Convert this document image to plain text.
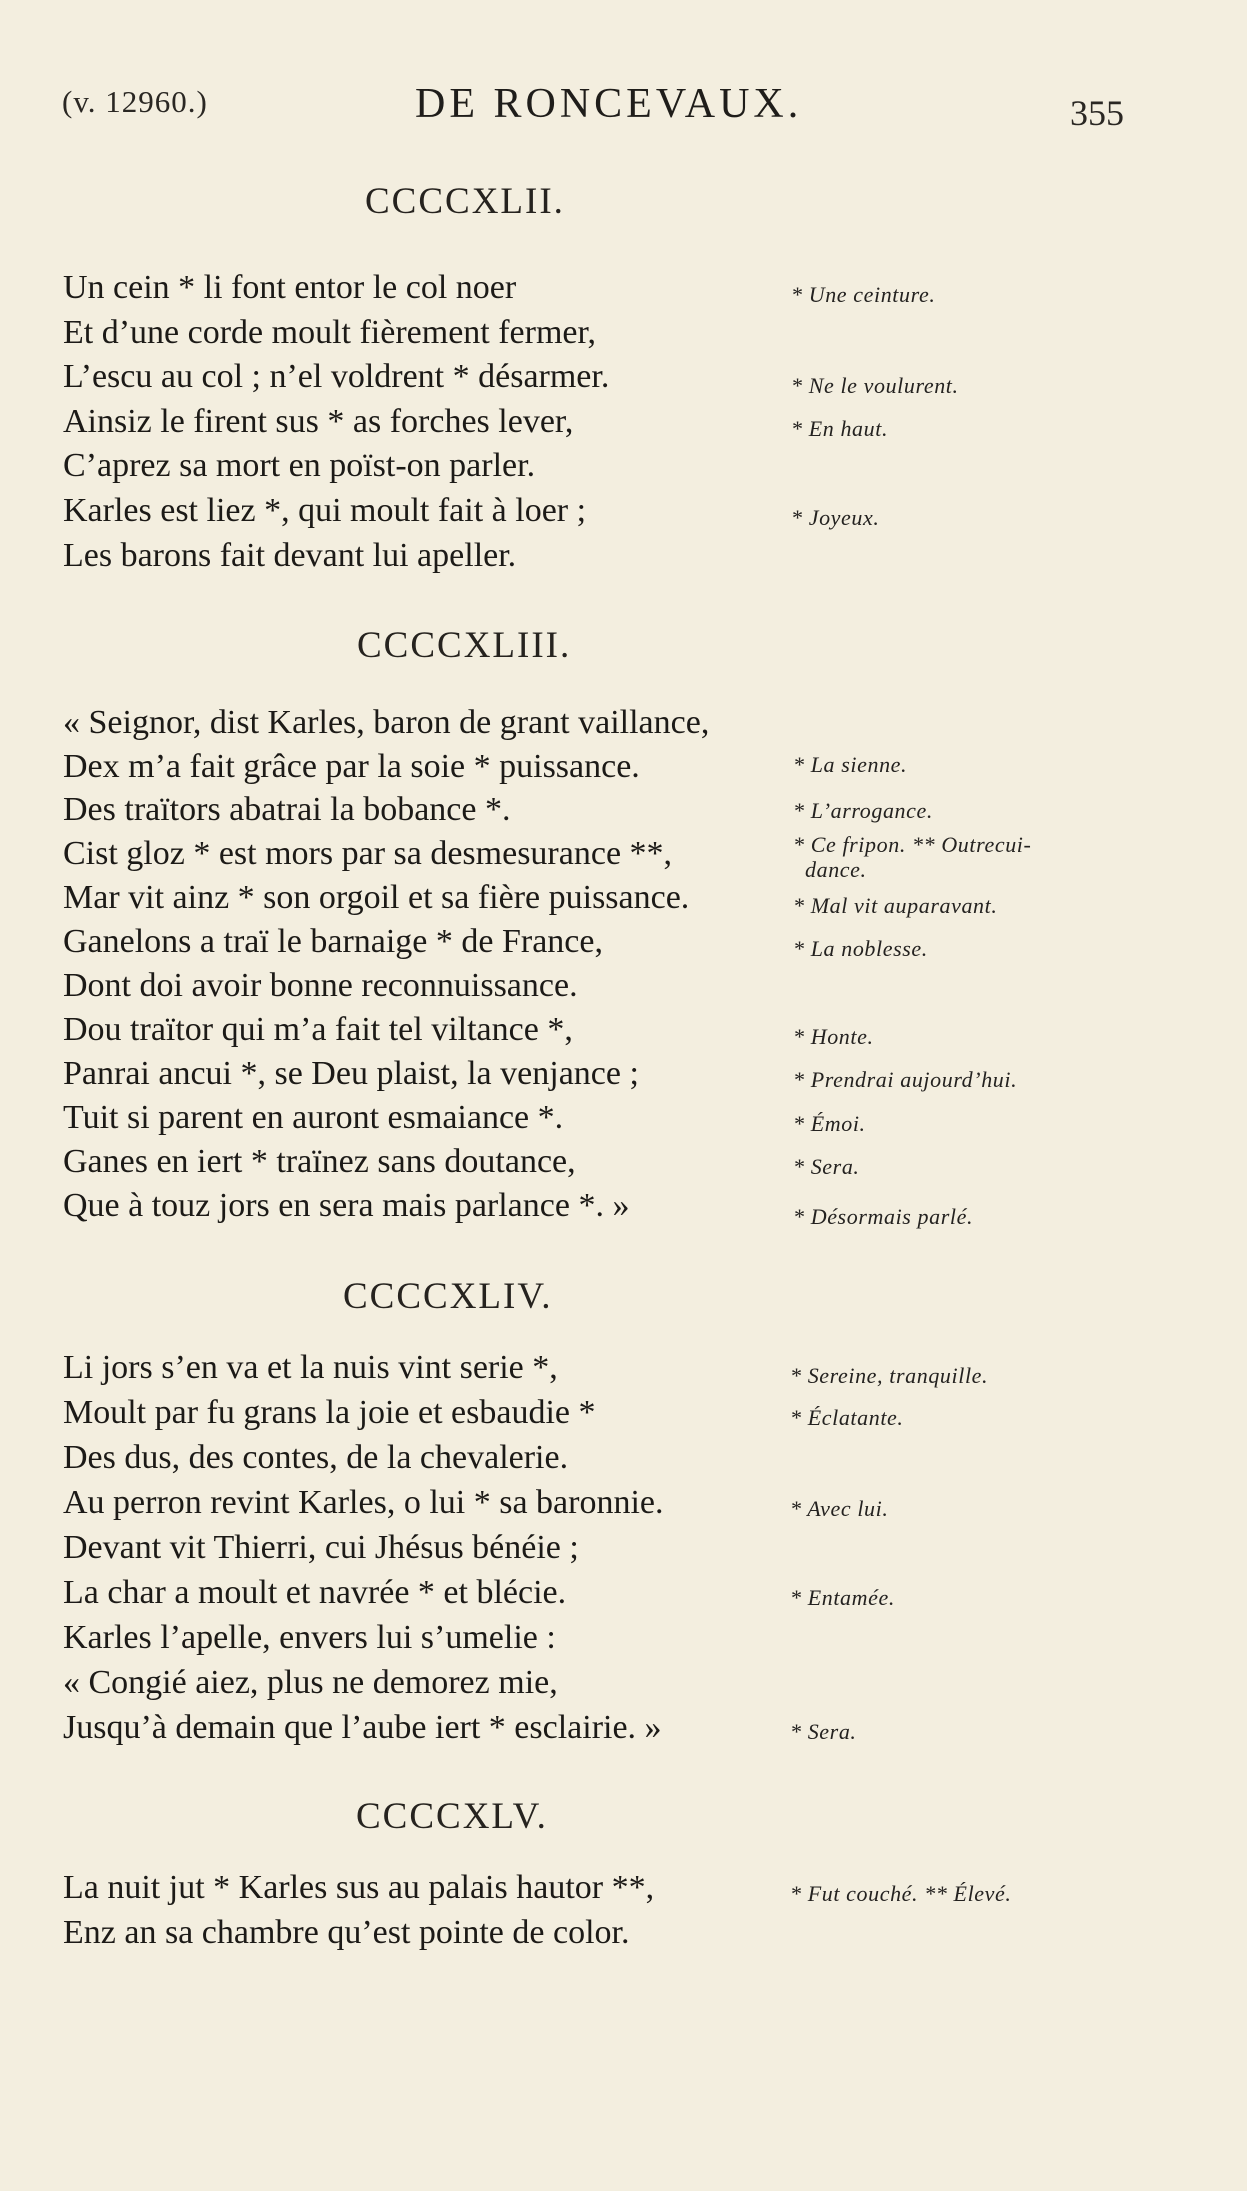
(v. 12960.)	DE RONCEVAUX.	355
CCCCXLII.
Un cein * li font entor le col noer
Et d’une corde moult fièrement fermer,
L’escu au col ; n’el voldrent * désarmer.
Ainsiz le firent sus * as forches lever,
C’aprez sa mort en poïst-on parler.
Karles est liez *, qui moult fait à loer ;
Les barons fait devant lui apeller.
* Une ceinture.
* Ne le voulurent.
* En haut.
* Joyeux.
CCCCXLIII.
« Seignor, dist Karles, baron de grant vaillance,
Dex m’a fait grâce par la soie * puissance.
Des traïtors abatrai la bobance *.
Cist gloz * est mors par sa desmesurance **,
Mar vit ainz * son orgoil et sa fière puissance.
Ganelons a traï le barnaige * de France,
Dont doi avoir bonne reconnuissance.
Dou traïtor qui m’a fait tel viltance *,
Panrai ancui *, se Deu plaist, la venjance ;
Tuit si parent en auront esmaiance *.
Ganes en iert * traïnez sans doutance,
Que à touz jors en sera mais parlance *. »
* La sienne.
* L’arrogance.
* Ce fripon. ** Outrecui-
dance.
* Mal vit auparavant.
* La noblesse.
* Honte.
* Prendrai aujourd’hui.
* Émoi.
* Sera.
* Désormais parlé.
CCCCXLIV.
Li jors s’en va et la nuis vint serie *,
Moult par fu grans la joie et esbaudie *
Des dus, des contes, de la chevalerie.
Au perron revint Karles, o lui * sa baronnie.
Devant vit Thierri, cui Jhésus bénéie ;
La char a moult et navrée * et blécie.
Karles l’apelle, envers lui s’umelie :
« Congié aiez, plus ne demorez mie,
Jusqu’à demain que l’aube iert * esclairie. »
* Sereine, tranquille.
* Éclatante.
* Avec lui.
* Entamée.
* Sera.
CCCCXLV.
La nuit jut * Karles sus au palais hautor **,
Enz an sa chambre qu’est pointe de color.
* Fut couché. ** Élevé.
